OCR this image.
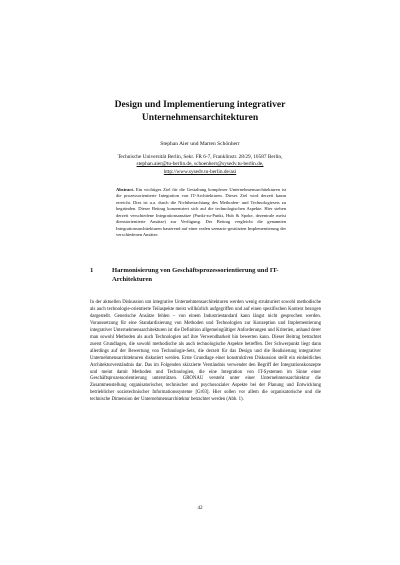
Design und Implementierung integrativer
Unternehmensarchitekturen
Stephan Aier und Marten Schönherr
Technische Universität Berlin, Sekr. FR 6-7, Franklinstr. 28/29, 10587 Berlin,
stephan.aier@tu-berlin.de, schoenherr@sysedv.tu-berlin.de,
http://www.sysedv.tu-berlin.de/asi
Abstract. Ein wichtiges Ziel für die Gestaltung komplexer Unternehmensarchitekturen ist die prozessorientierte Integration von IT-Architekturen. Dieses Ziel wird derzeit kaum erreicht. Dies ist u.a. durch die Nichtbetrachtung des Methoden- und Technologiesets zu begründen. Dieser Beitrag konzentriert sich auf die technologischen Aspekte. Hier stehen derzeit verschiedene Integrationsansätze (Punkt-zu-Punkt, Hub & Spoke, dezentrale meist dienstorientierte Ansätze) zur Verfügung. Der Beitrag vergleicht die genannten Integrationsarchitekturen basierend auf einer realen szenario-gestützten Implementierung der verschiedenen Ansätze.
1	Harmonisierung von Geschäftsprozessorientierung und IT-Architekturen

In der aktuellen Diskussion um integrative Unternehmensarchitekturen werden wenig strukturiert sowohl methodische als auch technologie-orientierte Teilaspekte meist willkürlich aufgegriffen und auf einen spezifischen Kontext bezogen dargestellt. Generische Ansätze fehlen – von einem Industriestandard kann längst nicht gesprochen werden. Voraussetzung für eine Standardisierung von Methoden und Technologien zur Konzeption und Implementierung integrativer Unternehmensarchitekturen ist die Definition allgemeingültiger Anforderungen und Kriterien, anhand derer man sowohl Methoden als auch Technologien auf ihre Verwendbarkeit hin bewerten kann. Dieser Beitrag betrachtet zuerst Grundlagen, die sowohl methodische als auch technologische Aspekte betreffen. Der Schwerpunkt liegt dann allerdings auf der Bewertung von Technologie-Sets, die derzeit für das Design und die Realisierung integrativer Unternehmensarchitekturen diskutiert werden. Erste Grundlage einer konstruktiven Diskussion stellt ein einheitliches Architekturverständnis dar. Das im Folgenden skizzierte Verständnis verwendet den Begriff der Integrationskonzepte und meint damit Methoden und Technologien, die eine Integration von IT-Systemen im Sinne einer Geschäftsprozessorientierung unterstützen. GRONAU versteht unter einer Unternehmensarchitektur die Zusammenstellung organisatorischer, technischer und psychosozialer Aspekte bei der Planung und Entwicklung betrieblicher soziotechnischer Informationssysteme [Gr03]. Hier sollen vor allem die organisatorische und die technische Dimension der Unternehmensarchitektur betrachtet werden (Abb. 1).

42
